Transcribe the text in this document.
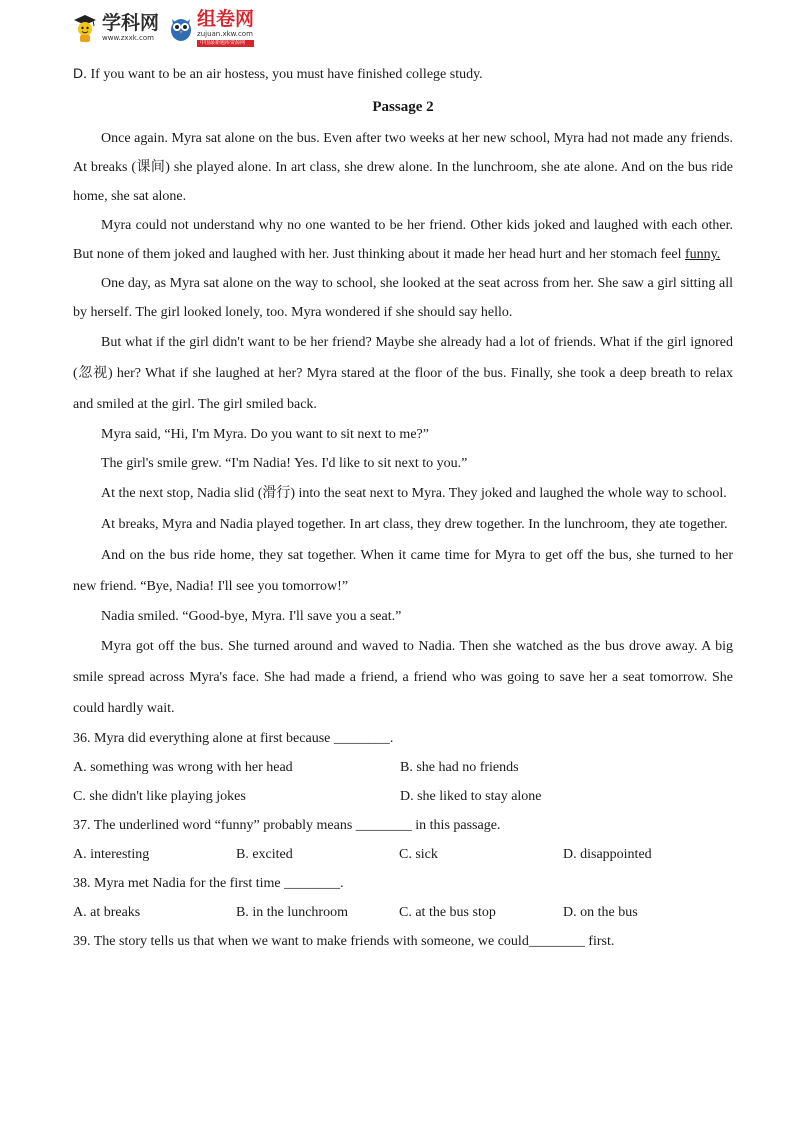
学科网
www.zxxk.com
组卷网
zujuan.xkw.com
中国最新题库资源网
D. If you want to be an air hostess, you must have finished college study.
Passage 2

Once again. Myra sat alone on the bus. Even after two weeks at her new school, Myra had not made any friends. At breaks (课间) she played alone. In art class, she drew alone. In the lunchroom, she ate alone. And on the bus ride home, she sat alone.

Myra could not understand why no one wanted to be her friend. Other kids joked and laughed with each other. But none of them joked and laughed with her. Just thinking about it made her head hurt and her stomach feel funny.

One day, as Myra sat alone on the way to school, she looked at the seat across from her. She saw a girl sitting all by herself. The girl looked lonely, too. Myra wondered if she should say hello.

But what if the girl didn't want to be her friend? Maybe she already had a lot of friends. What if the girl ignored (忽视) her? What if she laughed at her? Myra stared at the floor of the bus. Finally, she took a deep breath to relax and smiled at the girl. The girl smiled back.

Myra said, “Hi, I'm Myra. Do you want to sit next to me?”

The girl's smile grew. “I'm Nadia! Yes. I'd like to sit next to you.”

At the next stop, Nadia slid (滑行) into the seat next to Myra. They joked and laughed the whole way to school.

At breaks, Myra and Nadia played together. In art class, they drew together. In the lunchroom, they ate together.

And on the bus ride home, they sat together. When it came time for Myra to get off the bus, she turned to her new friend. “Bye, Nadia! I'll see you tomorrow!”

Nadia smiled. “Good-bye, Myra. I'll save you a seat.”

Myra got off the bus. She turned around and waved to Nadia. Then she watched as the bus drove away. A big smile spread across Myra's face. She had made a friend, a friend who was going to save her a seat tomorrow. She could hardly wait.

36. Myra did everything alone at first because ________.

A. something was wrong with her head	B. she had no friends
C. she didn't like playing jokes	D. she liked to stay alone

37. The underlined word “funny” probably means ________ in this passage.

A. interesting	B. excited	C. sick	D. disappointed

38. Myra met Nadia for the first time ________.

A. at breaks	B. in the lunchroom	C. at the bus stop	D. on the bus

39. The story tells us that when we want to make friends with someone, we could________ first.
